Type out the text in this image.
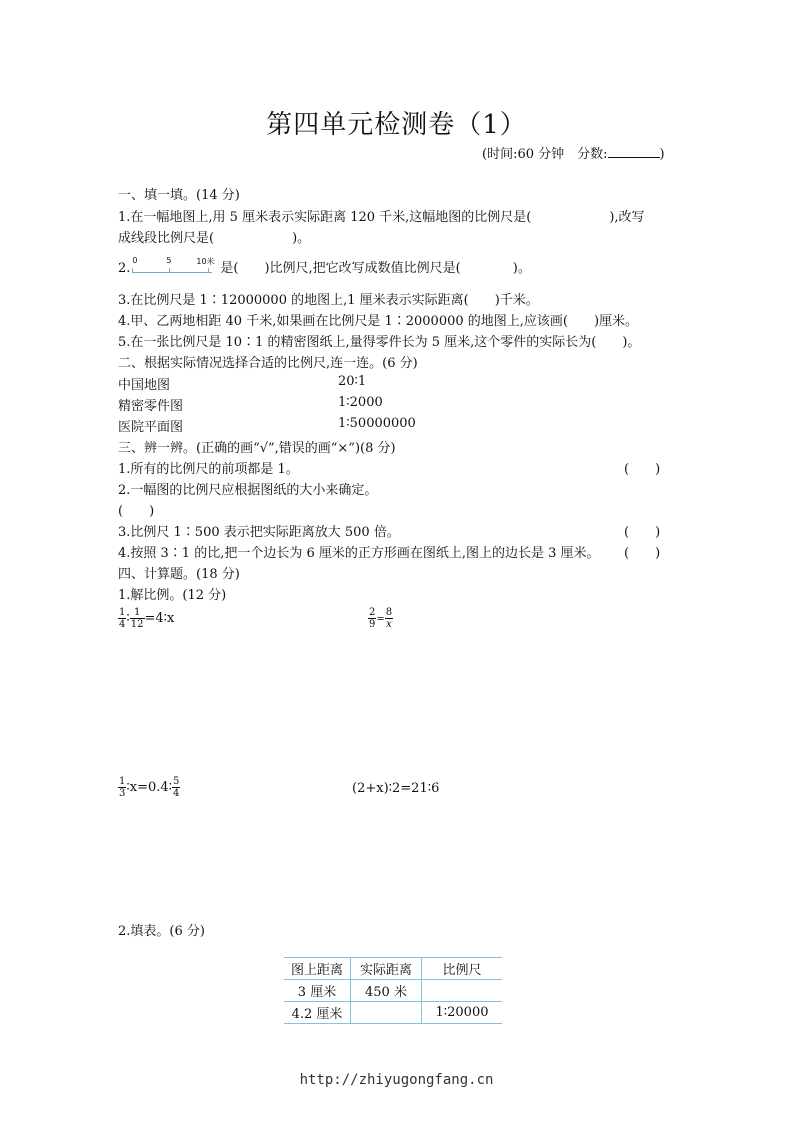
第四单元检测卷（1）
(时间:60 分钟　分数:	)
一、填一填。(14 分)
1.在一幅地图上,用 5 厘米表示实际距离 120 千米,这幅地图的比例尺是(　　　　　　),改写
成线段比例尺是(　　　　　　)。
2.
0	5	10米 是(　　)比例尺,把它改写成数值比例尺是(　　　　)。
3.在比例尺是 1∶12000000 的地图上,1 厘米表示实际距离(　　)千米。
4.甲、乙两地相距 40 千米,如果画在比例尺是 1∶2000000 的地图上,应该画(　　)厘米。
5.在一张比例尺是 10∶1 的精密图纸上,量得零件长为 5 厘米,这个零件的实际长为(　　)。
二、根据实际情况选择合适的比例尺,连一连。(6 分)
中国地图	20∶1
精密零件图	1∶2000
医院平面图	1∶50000000
三、辨一辨。(正确的画“√”,错误的画“×”)(8 分)
1.所有的比例尺的前项都是 1。	(　　)
2.一幅图的比例尺应根据图纸的大小来确定。
(　　)
3.比例尺 1∶500 表示把实际距离放大 500 倍。	(　　)
4.按照 3∶1 的比,把一个边长为 6 厘米的正方形画在图纸上,图上的边长是 3 厘米。 (　　)
四、计算题。(18 分)
1.解比例。(12 分)
$\frac{1}{4}$ ∶ $\frac{1}{12}$ =4∶x	$\frac{2}{9} = \frac{8}{x}$
$\frac{1}{3}$ ∶x=0.4∶ $\frac{5}{4}$	(2+x)∶2=21∶6
2.填表。(6 分)
图上距离	实际距离	比例尺
3 厘米	450 米	
4.2 厘米		1∶20000
http://zhiyugongfang.cn
